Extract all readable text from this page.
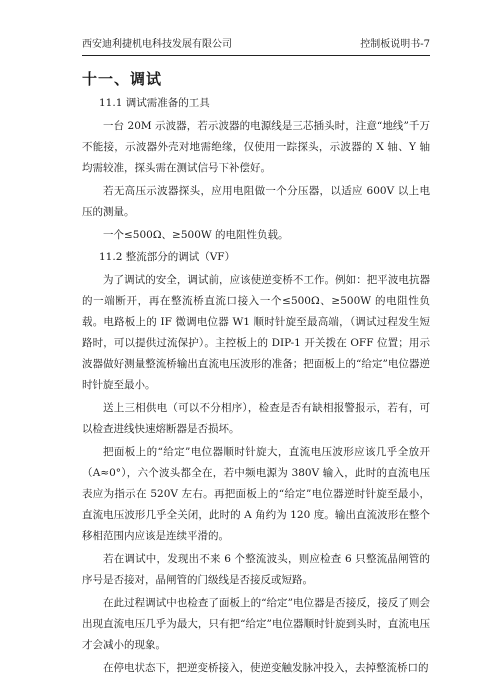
西安迪利捷机电科技发展有限公司	控制板说明书-7
十一、调试
11.1 调试需准备的工具

一台 20M 示波器，若示波器的电源线是三芯插头时，注意“地线”千万不能接，示波器外壳对地需绝缘，仅使用一踪探头，示波器的 X 轴、Y 轴均需较准，探头需在测试信号下补偿好。

若无高压示波器探头，应用电阻做一个分压器，以适应 600V 以上电压的测量。

一个≤500Ω、≥500W 的电阻性负载。

11.2 整流部分的调试（VF）

为了调试的安全，调试前，应该使逆变桥不工作。例如：把平波电抗器的一端断开，再在整流桥直流口接入一个≤500Ω、≥500W 的电阻性负载。电路板上的 IF 微调电位器 W1 顺时针旋至最高端，（调试过程发生短路时，可以提供过流保护）。主控板上的 DIP-1 开关拨在 OFF 位置；用示波器做好测量整流桥输出直流电压波形的准备；把面板上的“给定”电位器逆时针旋至最小。

送上三相供电（可以不分相序），检查是否有缺相报警报示，若有，可以检查进线快速熔断器是否损坏。

把面板上的“给定”电位器顺时针旋大，直流电压波形应该几乎全放开（A≈0°），六个波头都全在，若中频电源为 380V 输入，此时的直流电压表应为指示在 520V 左右。再把面板上的“给定”电位器逆时针旋至最小，直流电压波形几乎全关闭，此时的 A 角约为 120 度。输出直流波形在整个移相范围内应该是连续平滑的。

若在调试中，发现出不来 6 个整流波头，则应检查 6 只整流晶闸管的序号是否接对，晶闸管的门级线是否接反或短路。

在此过程调试中也检查了面板上的“给定”电位器是否接反，接反了则会出现直流电压几乎为最大，只有把“给定”电位器顺时针旋到头时，直流电压才会减小的现象。

在停电状态下，把逆变桥接入，使逆变触发脉冲投入，去掉整流桥口的
